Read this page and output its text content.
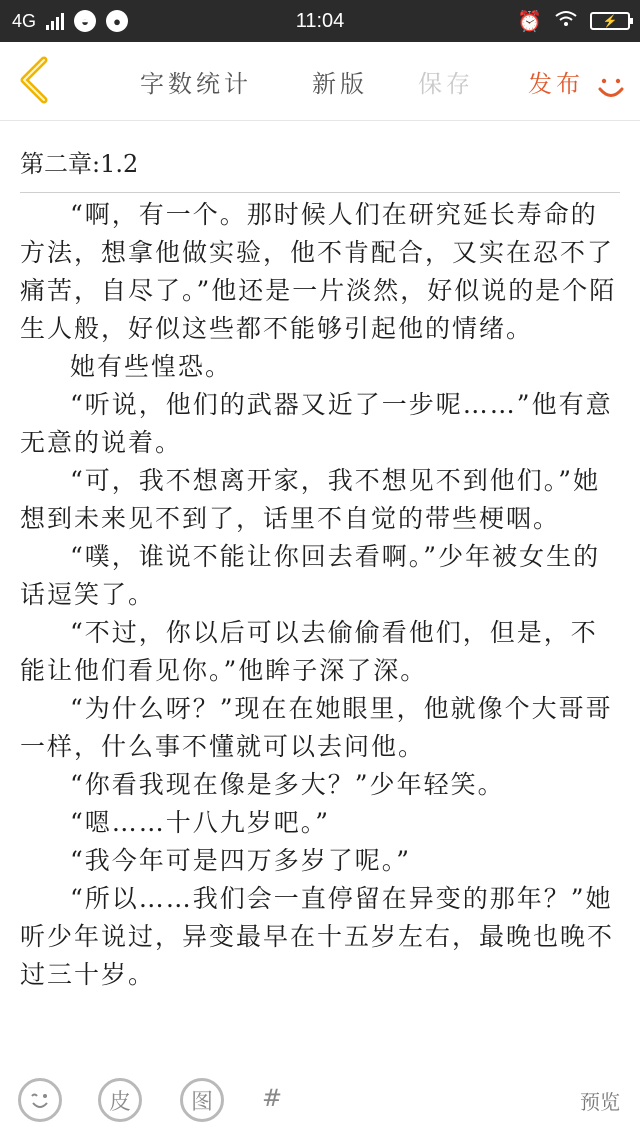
4G	◒	●	11:04	⏰	⚡
字数统计	新版 保存 发布
第二章:1.2

“啊，有一个。那时候人们在研究延长寿命的方法，想拿他做实验，他不肯配合，又实在忍不了痛苦，自尽了。”他还是一片淡然，好似说的是个陌生人般，好似这些都不能够引起他的情绪。

她有些惶恐。

“听说，他们的武器又近了一步呢……”他有意无意的说着。

“可，我不想离开家，我不想见不到他们。”她想到未来见不到了，话里不自觉的带些梗咽。

“噗，谁说不能让你回去看啊。”少年被女生的话逗笑了。

“不过，你以后可以去偷偷看他们，但是，不能让他们看见你。”他眸子深了深。

“为什么呀？”现在在她眼里，他就像个大哥哥一样，什么事不懂就可以去问他。

“你看我现在像是多大？”少年轻笑。

“嗯……十八九岁吧。”

“我今年可是四万多岁了呢。”

“所以……我们会一直停留在异变的那年？”她听少年说过，异变最早在十五岁左右，最晚也晚不过三十岁。

皮	图	#	预览
